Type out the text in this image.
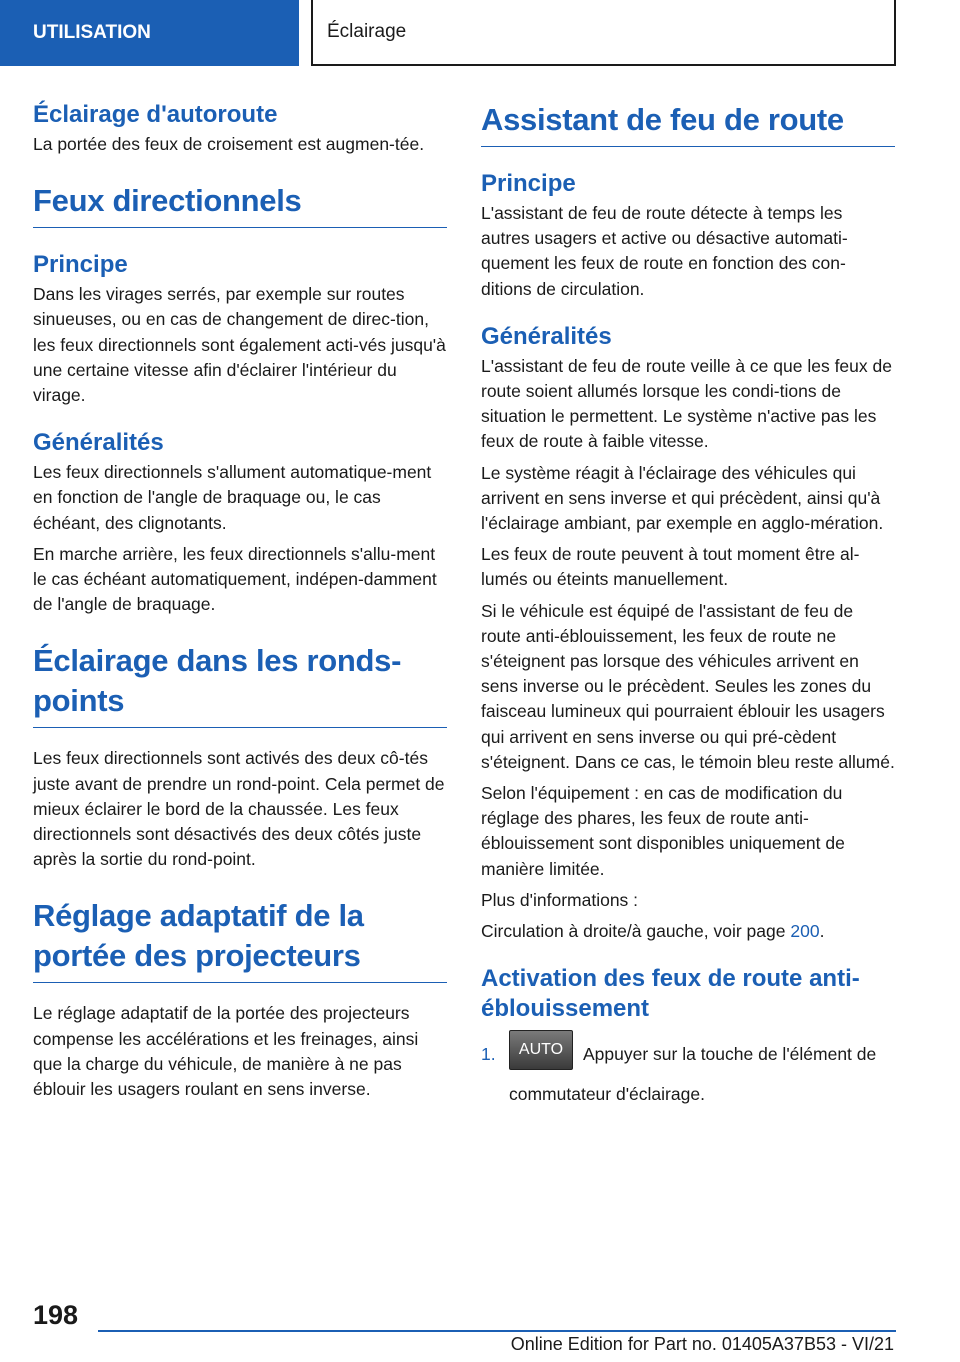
UTILISATION	Éclairage
Éclairage d'autoroute

La portée des feux de croisement est augmen-tée.

Feux directionnels
Principe

Dans les virages serrés, par exemple sur routes sinueuses, ou en cas de changement de direc-tion, les feux directionnels sont également acti-vés jusqu'à une certaine vitesse afin d'éclairer l'intérieur du virage.

Généralités

Les feux directionnels s'allument automatique-ment en fonction de l'angle de braquage ou, le cas échéant, des clignotants.

En marche arrière, les feux directionnels s'allu-ment le cas échéant automatiquement, indépen-damment de l'angle de braquage.

Éclairage dans les ronds-points

Les feux directionnels sont activés des deux cô-tés juste avant de prendre un rond-point. Cela permet de mieux éclairer le bord de la chaussée. Les feux directionnels sont désactivés des deux côtés juste après la sortie du rond-point.

Réglage adaptatif de la portée des projecteurs

Le réglage adaptatif de la portée des projecteurs compense les accélérations et les freinages, ainsi que la charge du véhicule, de manière à ne pas éblouir les usagers roulant en sens inverse.

Assistant de feu de route
Principe

L'assistant de feu de route détecte à temps les autres usagers et active ou désactive automati-quement les feux de route en fonction des con-ditions de circulation.

Généralités

L'assistant de feu de route veille à ce que les feux de route soient allumés lorsque les condi-tions de situation le permettent. Le système n'active pas les feux de route à faible vitesse.

Le système réagit à l'éclairage des véhicules qui arrivent en sens inverse et qui précèdent, ainsi qu'à l'éclairage ambiant, par exemple en agglo-mération.

Les feux de route peuvent à tout moment être al-lumés ou éteints manuellement.

Si le véhicule est équipé de l'assistant de feu de route anti-éblouissement, les feux de route ne s'éteignent pas lorsque des véhicules arrivent en sens inverse ou le précèdent. Seules les zones du faisceau lumineux qui pourraient éblouir les usagers qui arrivent en sens inverse ou qui pré-cèdent s'éteignent. Dans ce cas, le témoin bleu reste allumé.

Selon l'équipement : en cas de modification du réglage des phares, les feux de route anti-éblouissement sont disponibles uniquement de manière limitée.

Plus d'informations :

Circulation à droite/à gauche, voir page 200.

Activation des feux de route anti-éblouissement
1.	AUTO Appuyer sur la touche de l'élément de commutateur d'éclairage.

198
Online Edition for Part no. 01405A37B53 - VI/21
